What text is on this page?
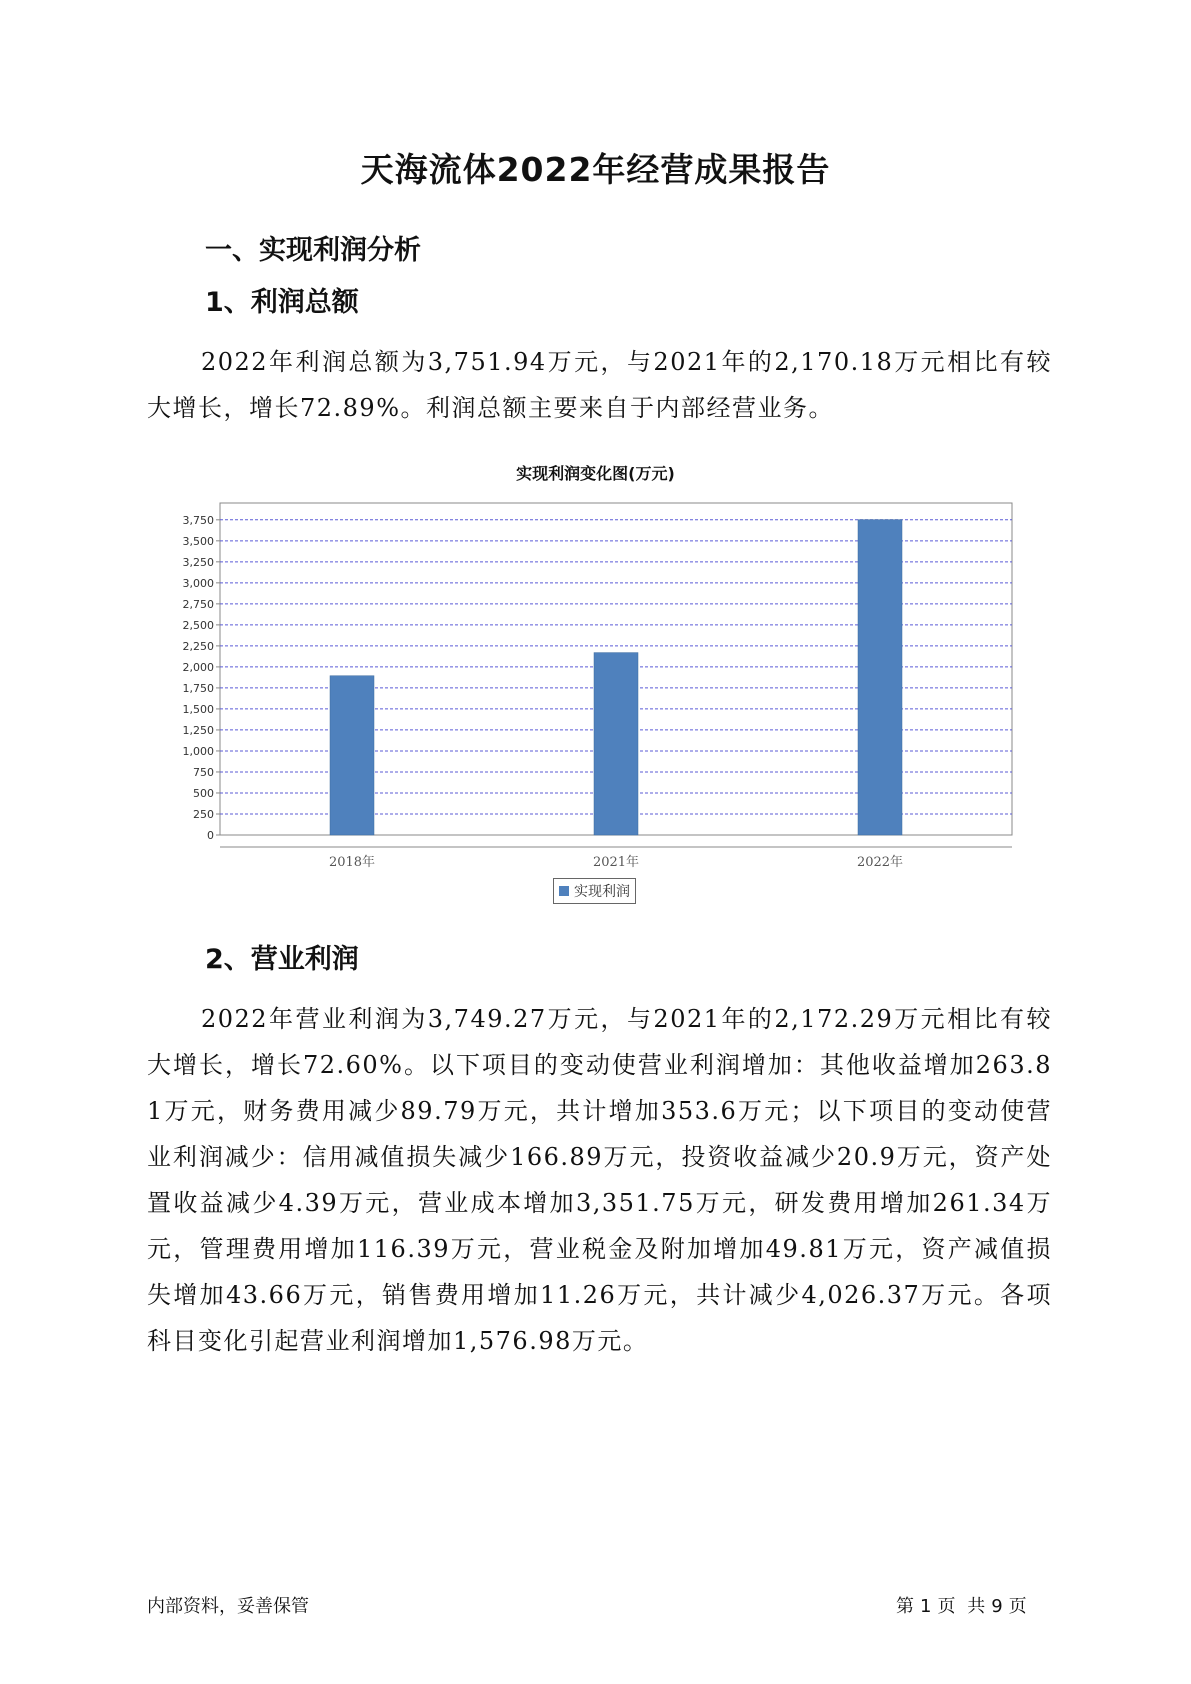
天海流体2022年经营成果报告
一、实现利润分析
1、利润总额

2022年利润总额为3,751.94万元，与2021年的2,170.18万元相比有较大增长，增长72.89%。利润总额主要来自于内部经营业务。

实现利润变化图(万元)
0
250
500
750
1,000
1,250
1,500
1,750
2,000
2,250
2,500
2,750
3,000
3,250
3,500
3,750
2018年	2021年	2022年
实现利润
2、营业利润

2022年营业利润为3,749.27万元，与2021年的2,172.29万元相比有较大增长，增长72.60%。以下项目的变动使营业利润增加：其他收益增加263.81万元，财务费用减少89.79万元，共计增加353.6万元；以下项目的变动使营业利润减少：信用减值损失减少166.89万元，投资收益减少20.9万元，资产处置收益减少4.39万元，营业成本增加3,351.75万元，研发费用增加261.34万元，管理费用增加116.39万元，营业税金及附加增加49.81万元，资产减值损失增加43.66万元，销售费用增加11.26万元，共计减少4,026.37万元。各项科目变化引起营业利润增加1,576.98万元。

内部资料，妥善保管	第 1 页 共 9 页
